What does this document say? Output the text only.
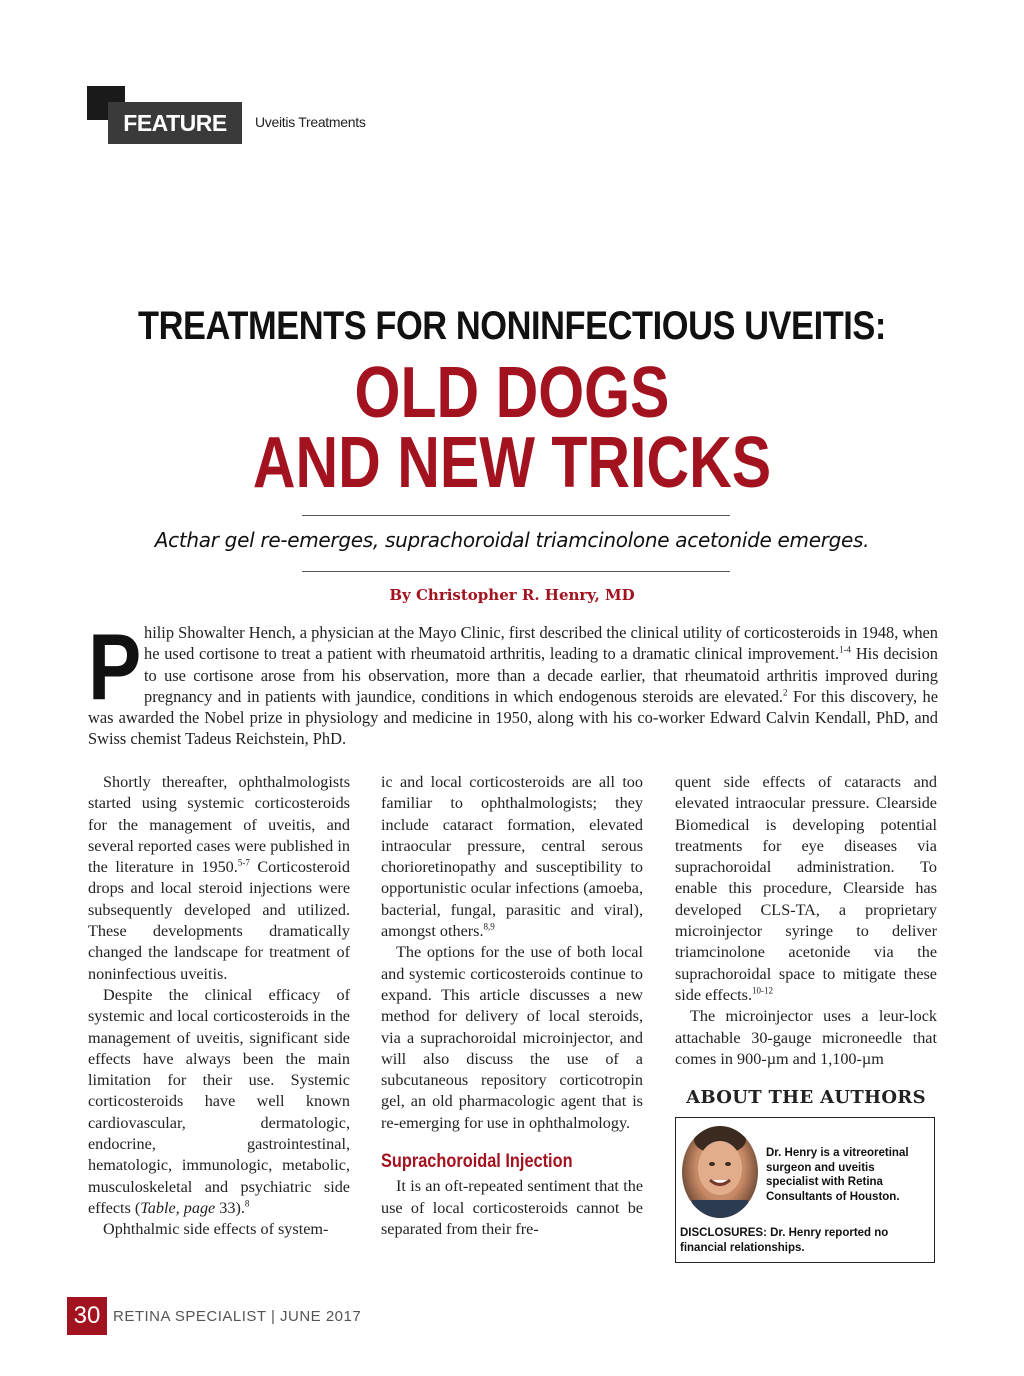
FEATURE	Uveitis Treatments
TREATMENTS FOR NONINFECTIOUS UVEITIS:
OLD DOGS
AND NEW TRICKS
Acthar gel re-emerges, suprachoroidal triamcinolone acetonide emerges.
By Christopher R. Henry, MD
Philip Showalter Hench, a physician at the Mayo Clinic, first described the clinical utility of corticosteroids in 1948, when he used cortisone to treat a patient with rheumatoid arthritis, leading to a dramatic clinical improvement.$^{1-4}$ His decision to use cortisone arose from his observation, more than a decade earlier, that rheumatoid arthritis improved during pregnancy and in patients with jaundice, conditions in which endogenous steroids are elevated.$^2$ For this discovery, he was awarded the Nobel prize in physiology and medicine in 1950, along with his co-worker Edward Calvin Kendall, PhD, and Swiss chemist Tadeus Reichstein, PhD.

Shortly thereafter, ophthalmologists started using systemic corticosteroids for the management of uveitis, and several reported cases were published in the literature in 1950.$^{5-7}$ Corticosteroid drops and local steroid injections were subsequently developed and utilized. These developments dramatically changed the landscape for treatment of noninfectious uveitis.

Despite the clinical efficacy of systemic and local corticosteroids in the management of uveitis, significant side effects have always been the main limitation for their use. Systemic corticosteroids have well known cardiovascular, dermatologic, endocrine, gastrointestinal, hematologic, immunologic, metabolic, musculoskeletal and psychiatric side effects (Table, page 33).$^8$

Ophthalmic side effects of system-

ic and local corticosteroids are all too familiar to ophthalmologists; they include cataract formation, elevated intraocular pressure, central serous chorioretinopathy and susceptibility to opportunistic ocular infections (amoeba, bacterial, fungal, parasitic and viral), amongst others.$^{8,9}$

The options for the use of both local and systemic corticosteroids continue to expand. This article discusses a new method for delivery of local steroids, via a suprachoroidal microinjector, and will also discuss the use of a subcutaneous repository corticotropin gel, an old pharmacologic agent that is re-emerging for use in ophthalmology.

Suprachoroidal Injection

It is an oft-repeated sentiment that the use of local corticosteroids cannot be separated from their fre-

quent side effects of cataracts and elevated intraocular pressure. Clearside Biomedical is developing potential treatments for eye diseases via suprachoroidal administration. To enable this procedure, Clearside has developed CLS-TA, a proprietary microinjector syringe to deliver triamcinolone acetonide via the suprachoroidal space to mitigate these side effects.$^{10-12}$

The microinjector uses a leur-lock attachable 30-gauge microneedle that comes in 900-µm and 1,100-µm

ABOUT THE AUTHORS
Dr. Henry is a vitreoretinal surgeon and uveitis specialist with Retina Consultants of Houston.
DISCLOSURES: Dr. Henry reported no financial relationships.
30 RETINA SPECIALIST | JUNE 2017
